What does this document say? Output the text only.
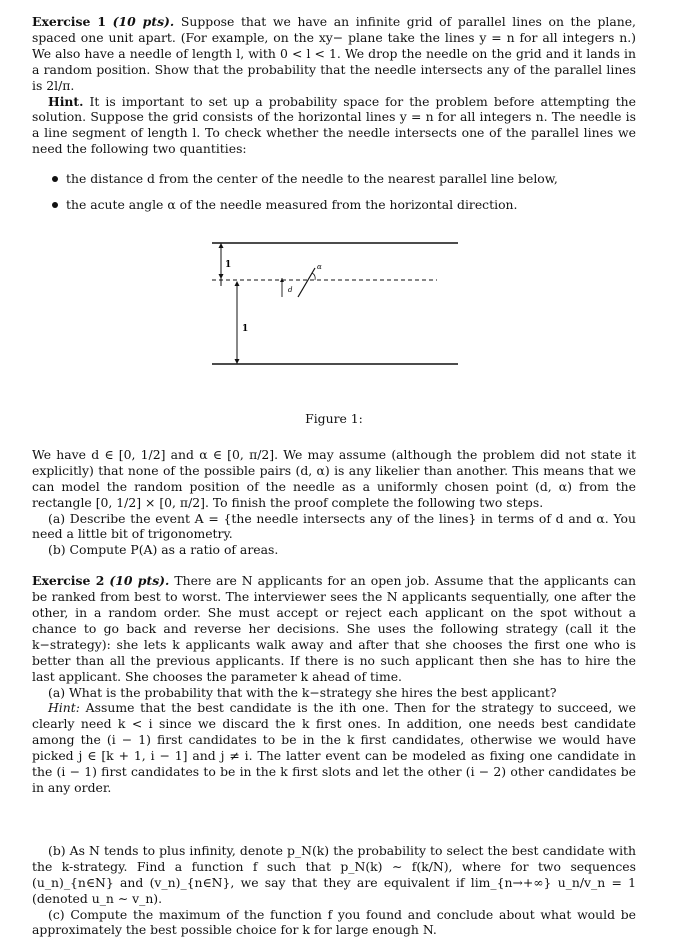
Exercise 1 (10 pts). Suppose that we have an infinite grid of parallel lines on the plane, spaced one unit apart. (For example, on the xy− plane take the lines y = n for all integers n.) We also have a needle of length l, with 0 < l < 1. We drop the needle on the grid and it lands in a random position. Show that the probability that the needle intersects any of the parallel lines is 2l/π.

Hint. It is important to set up a probability space for the problem before attempting the solution. Suppose the grid consists of the horizontal lines y = n for all integers n. The needle is a line segment of length l. To check whether the needle intersects one of the parallel lines we need the following two quantities:

the distance d from the center of the needle to the nearest parallel line below,
the acute angle α of the needle measured from the horizontal direction.
1
1
d
α

Figure 1:

We have d ∈ [0, 1/2] and α ∈ [0, π/2]. We may assume (although the problem did not state it explicitly) that none of the possible pairs (d, α) is any likelier than another. This means that we can model the random position of the needle as a uniformly chosen point (d, α) from the rectangle [0, 1/2] × [0, π/2]. To finish the proof complete the following two steps.

(a) Describe the event A = {the needle intersects any of the lines} in terms of d and α. You need a little bit of trigonometry.

(b) Compute P(A) as a ratio of areas.

Exercise 2 (10 pts). There are N applicants for an open job. Assume that the applicants can be ranked from best to worst. The interviewer sees the N applicants sequentially, one after the other, in a random order. She must accept or reject each applicant on the spot without a chance to go back and reverse her decisions. She uses the following strategy (call it the k−strategy): she lets k applicants walk away and after that she chooses the first one who is better than all the previous applicants. If there is no such applicant then she has to hire the last applicant. She chooses the parameter k ahead of time.

(a) What is the probability that with the k−strategy she hires the best applicant?

Hint: Assume that the best candidate is the ith one. Then for the strategy to succeed, we clearly need k < i since we discard the k first ones. In addition, one needs best candidate among the (i − 1) first candidates to be in the k first candidates, otherwise we would have picked j ∈ [k + 1, i − 1] and j ≠ i. The latter event can be modeled as fixing one candidate in the (i − 1) first candidates to be in the k first slots and let the other (i − 2) other candidates be in any order.

(b) As N tends to plus infinity, denote p_N(k) the probability to select the best candidate with the k-strategy. Find a function f such that p_N(k) ∼ f(k/N), where for two sequences (u_n)_{n∈N} and (v_n)_{n∈N}, we say that they are equivalent if lim_{n→+∞} u_n/v_n = 1 (denoted u_n ∼ v_n).

(c) Compute the maximum of the function f you found and conclude about what would be approximately the best possible choice for k for large enough N.
